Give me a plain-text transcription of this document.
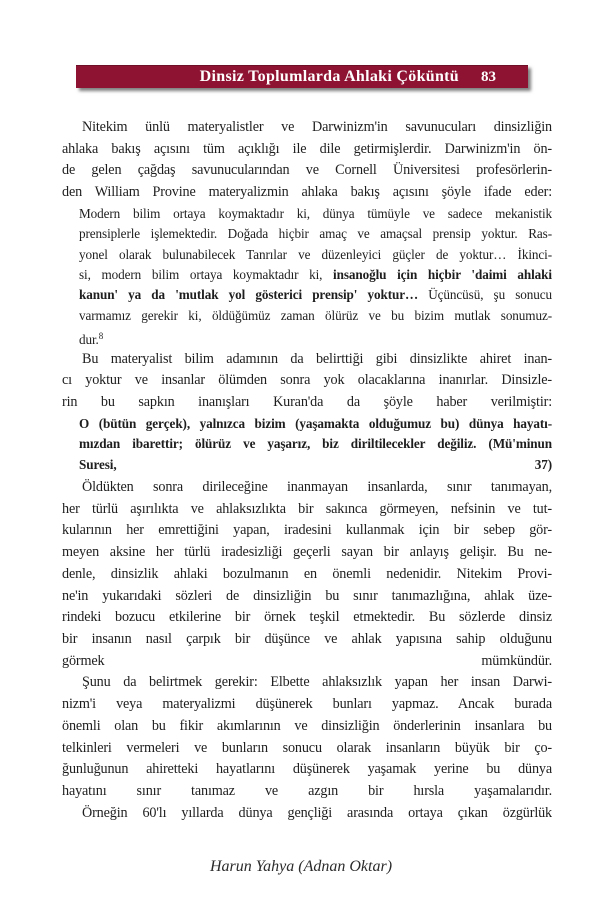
Dinsiz Toplumlarda Ahlaki Çöküntü 83
Nitekim ünlü materyalistler ve Darwinizm'in savunucuları dinsizliğin
ahlaka bakış açısını tüm açıklığı ile dile getirmişlerdir. Darwinizm'in ön-
de gelen çağdaş savunucularından ve Cornell Üniversitesi profesörlerin-
den William Provine materyalizmin ahlaka bakış açısını şöyle ifade eder:
Modern bilim ortaya koymaktadır ki, dünya tümüyle ve sadece mekanistik
prensiplerle işlemektedir. Doğada hiçbir amaç ve amaçsal prensip yoktur. Ras-
yonel olarak bulunabilecek Tanrılar ve düzenleyici güçler de yoktur… İkinci-
si, modern bilim ortaya koymaktadır ki, insanoğlu için hiçbir 'daimi ahlaki
kanun' ya da 'mutlak yol gösterici prensip' yoktur… Üçüncüsü, şu sonucu
varmamız gerekir ki, öldüğümüz zaman ölürüz ve bu bizim mutlak sonumuz-
dur.$^8$
Bu materyalist bilim adamının da belirttiği gibi dinsizlikte ahiret inan-
cı yoktur ve insanlar ölümden sonra yok olacaklarına inanırlar. Dinsizle-
rin bu sapkın inanışları Kuran'da da şöyle haber verilmiştir:
O (bütün gerçek), yalnızca bizim (yaşamakta olduğumuz bu) dünya hayatı-
mızdan ibarettir; ölürüz ve yaşarız, biz diriltilecekler değiliz. (Mü'minun
Suresi, 37)
Öldükten sonra dirileceğine inanmayan insanlarda, sınır tanımayan,
her türlü aşırılıkta ve ahlaksızlıkta bir sakınca görmeyen, nefsinin ve tut-
kularının her emrettiğini yapan, iradesini kullanmak için bir sebep gör-
meyen aksine her türlü iradesizliği geçerli sayan bir anlayış gelişir. Bu ne-
denle, dinsizlik ahlaki bozulmanın en önemli nedenidir. Nitekim Provi-
ne'in yukarıdaki sözleri de dinsizliğin bu sınır tanımazlığına, ahlak üze-
rindeki bozucu etkilerine bir örnek teşkil etmektedir. Bu sözlerde dinsiz
bir insanın nasıl çarpık bir düşünce ve ahlak yapısına sahip olduğunu
görmek mümkündür.
Şunu da belirtmek gerekir: Elbette ahlaksızlık yapan her insan Darwi-
nizm'i veya materyalizmi düşünerek bunları yapmaz. Ancak burada
önemli olan bu fikir akımlarının ve dinsizliğin önderlerinin insanlara bu
telkinleri vermeleri ve bunların sonucu olarak insanların büyük bir ço-
ğunluğunun ahiretteki hayatlarını düşünerek yaşamak yerine bu dünya
hayatını sınır tanımaz ve azgın bir hırsla yaşamalarıdır.
Örneğin 60'lı yıllarda dünya gençliği arasında ortaya çıkan özgürlük
Harun Yahya (Adnan Oktar)
